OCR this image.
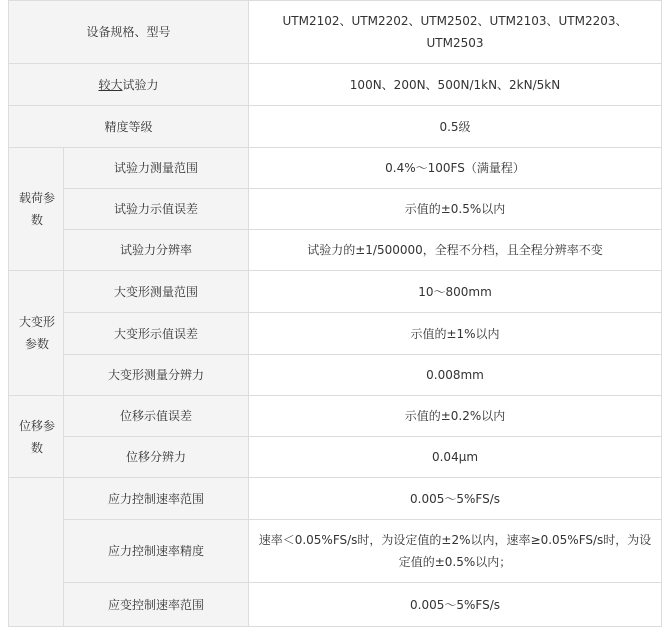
设备规格、型号		UTM2102、UTM2202、UTM2502、UTM2103、UTM2203、UTM2503
较大试验力		100N、200N、500N/1kN、2kN/5kN
精度等级		0.5级
载荷参数	试验力测量范围	0.4%～100FS（满量程）
	试验力示值误差	示值的±0.5%以内
	试验力分辨率	试验力的±1/500000，全程不分档，且全程分辨率不变
大变形参数	大变形测量范围	10～800mm
	大变形示值误差	示值的±1%以内
	大变形测量分辨力	0.008mm
位移参数	位移示值误差	示值的±0.2%以内
	位移分辨力	0.04μm
	应力控制速率范围	0.005～5%FS/s
	应力控制速率精度	速率＜0.05%FS/s时，为设定值的±2%以内，速率≥0.05%FS/s时，为设定值的±0.5%以内；
	应变控制速率范围	0.005～5%FS/s
